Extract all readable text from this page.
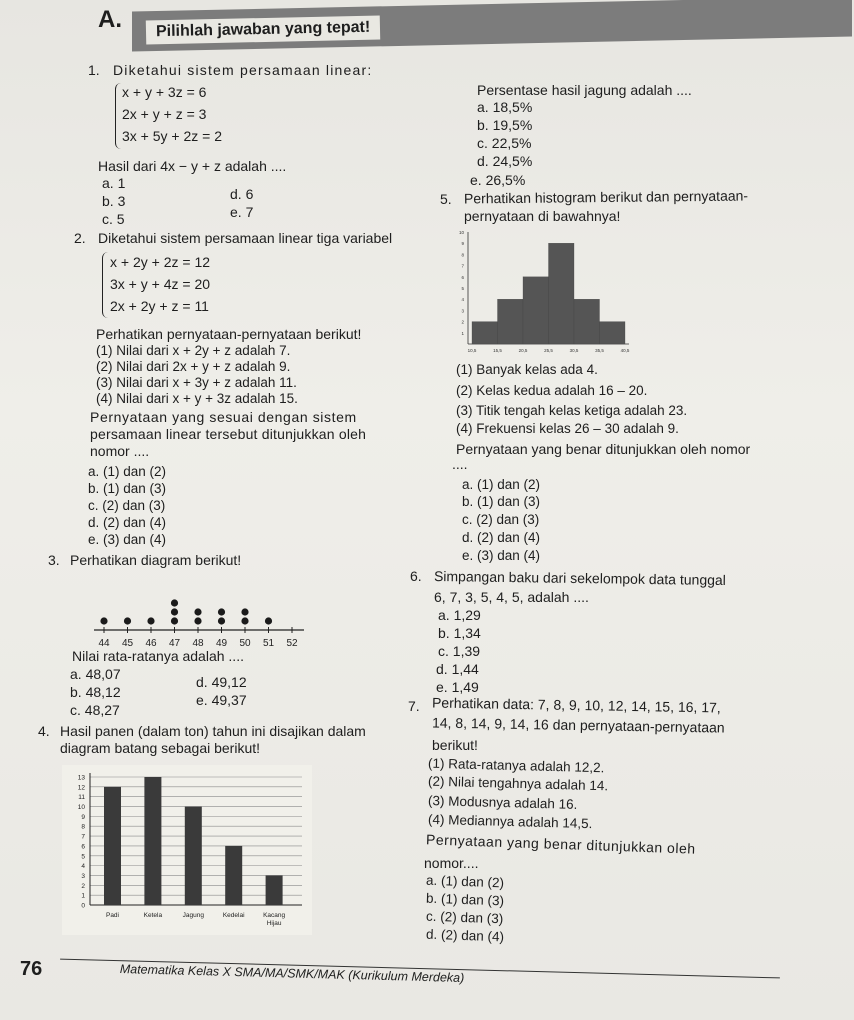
A.	Pilihlah jawaban yang tepat!
1. Diketahui sistem persamaan linear:
x + y + 3z = 6
2x + y + z = 3
3x + 5y + 2z = 2
Hasil dari 4x − y + z adalah ....
a. 1
b. 3
c. 5
d. 6
e. 7
2. Diketahui sistem persamaan linear tiga variabel
x + 2y + 2z = 12
3x + y + 4z = 20
2x + 2y + z = 11
Perhatikan pernyataan-pernyataan berikut!
(1) Nilai dari x + 2y + z adalah 7.
(2) Nilai dari 2x + y + z adalah 9.
(3) Nilai dari x + 3y + z adalah 11.
(4) Nilai dari x + y + 3z adalah 15.
Pernyataan yang sesuai dengan sistem
persamaan linear tersebut ditunjukkan oleh
nomor ....
a. (1) dan (2)
b. (1) dan (3)
c. (2) dan (3)
d. (2) dan (4)
e. (3) dan (4)
3. Perhatikan diagram berikut!
44 45 46 47 48 49 50 51 52
Nilai rata-ratanya adalah ....
a. 48,07
b. 48,12
c. 48,27
d. 49,12
e. 49,37
4. Hasil panen (dalam ton) tahun ini disajikan dalam
diagram batang sebagai berikut!
0
1
2
3
4
5
6
7
8
9
10
11
12
13
Padi	Ketela	Jagung	Kedelai	Kacang
Hijau
Persentase hasil jagung adalah ....
a. 18,5%
b. 19,5%
c. 22,5%
d. 24,5%
e. 26,5%
5. Perhatikan histogram berikut dan pernyataan-
pernyataan di bawahnya!
1
2
3
4
5
6
7
8
9
10
10,5	15,5	20,5	25,5	30,5	35,5	40,5
(1) Banyak kelas ada 4.
(2) Kelas kedua adalah 16 – 20.
(3) Titik tengah kelas ketiga adalah 23.
(4) Frekuensi kelas 26 – 30 adalah 9.
Pernyataan yang benar ditunjukkan oleh nomor
....
a. (1) dan (2)
b. (1) dan (3)
c. (2) dan (3)
d. (2) dan (4)
e. (3) dan (4)
6. Simpangan baku dari sekelompok data tunggal
6, 7, 3, 5, 4, 5, adalah ....
a. 1,29
b. 1,34
c. 1,39
d. 1,44
e. 1,49
7. Perhatikan data: 7, 8, 9, 10, 12, 14, 15, 16, 17,
14, 8, 14, 9, 14, 16 dan pernyataan-pernyataan
berikut!
(1) Rata-ratanya adalah 12,2.
(2) Nilai tengahnya adalah 14.
(3) Modusnya adalah 16.
(4) Mediannya adalah 14,5.
Pernyataan yang benar ditunjukkan oleh
nomor....
a. (1) dan (2)
b. (1) dan (3)
c. (2) dan (3)
d. (2) dan (4)
76	Matematika Kelas X SMA/MA/SMK/MAK (Kurikulum Merdeka)
